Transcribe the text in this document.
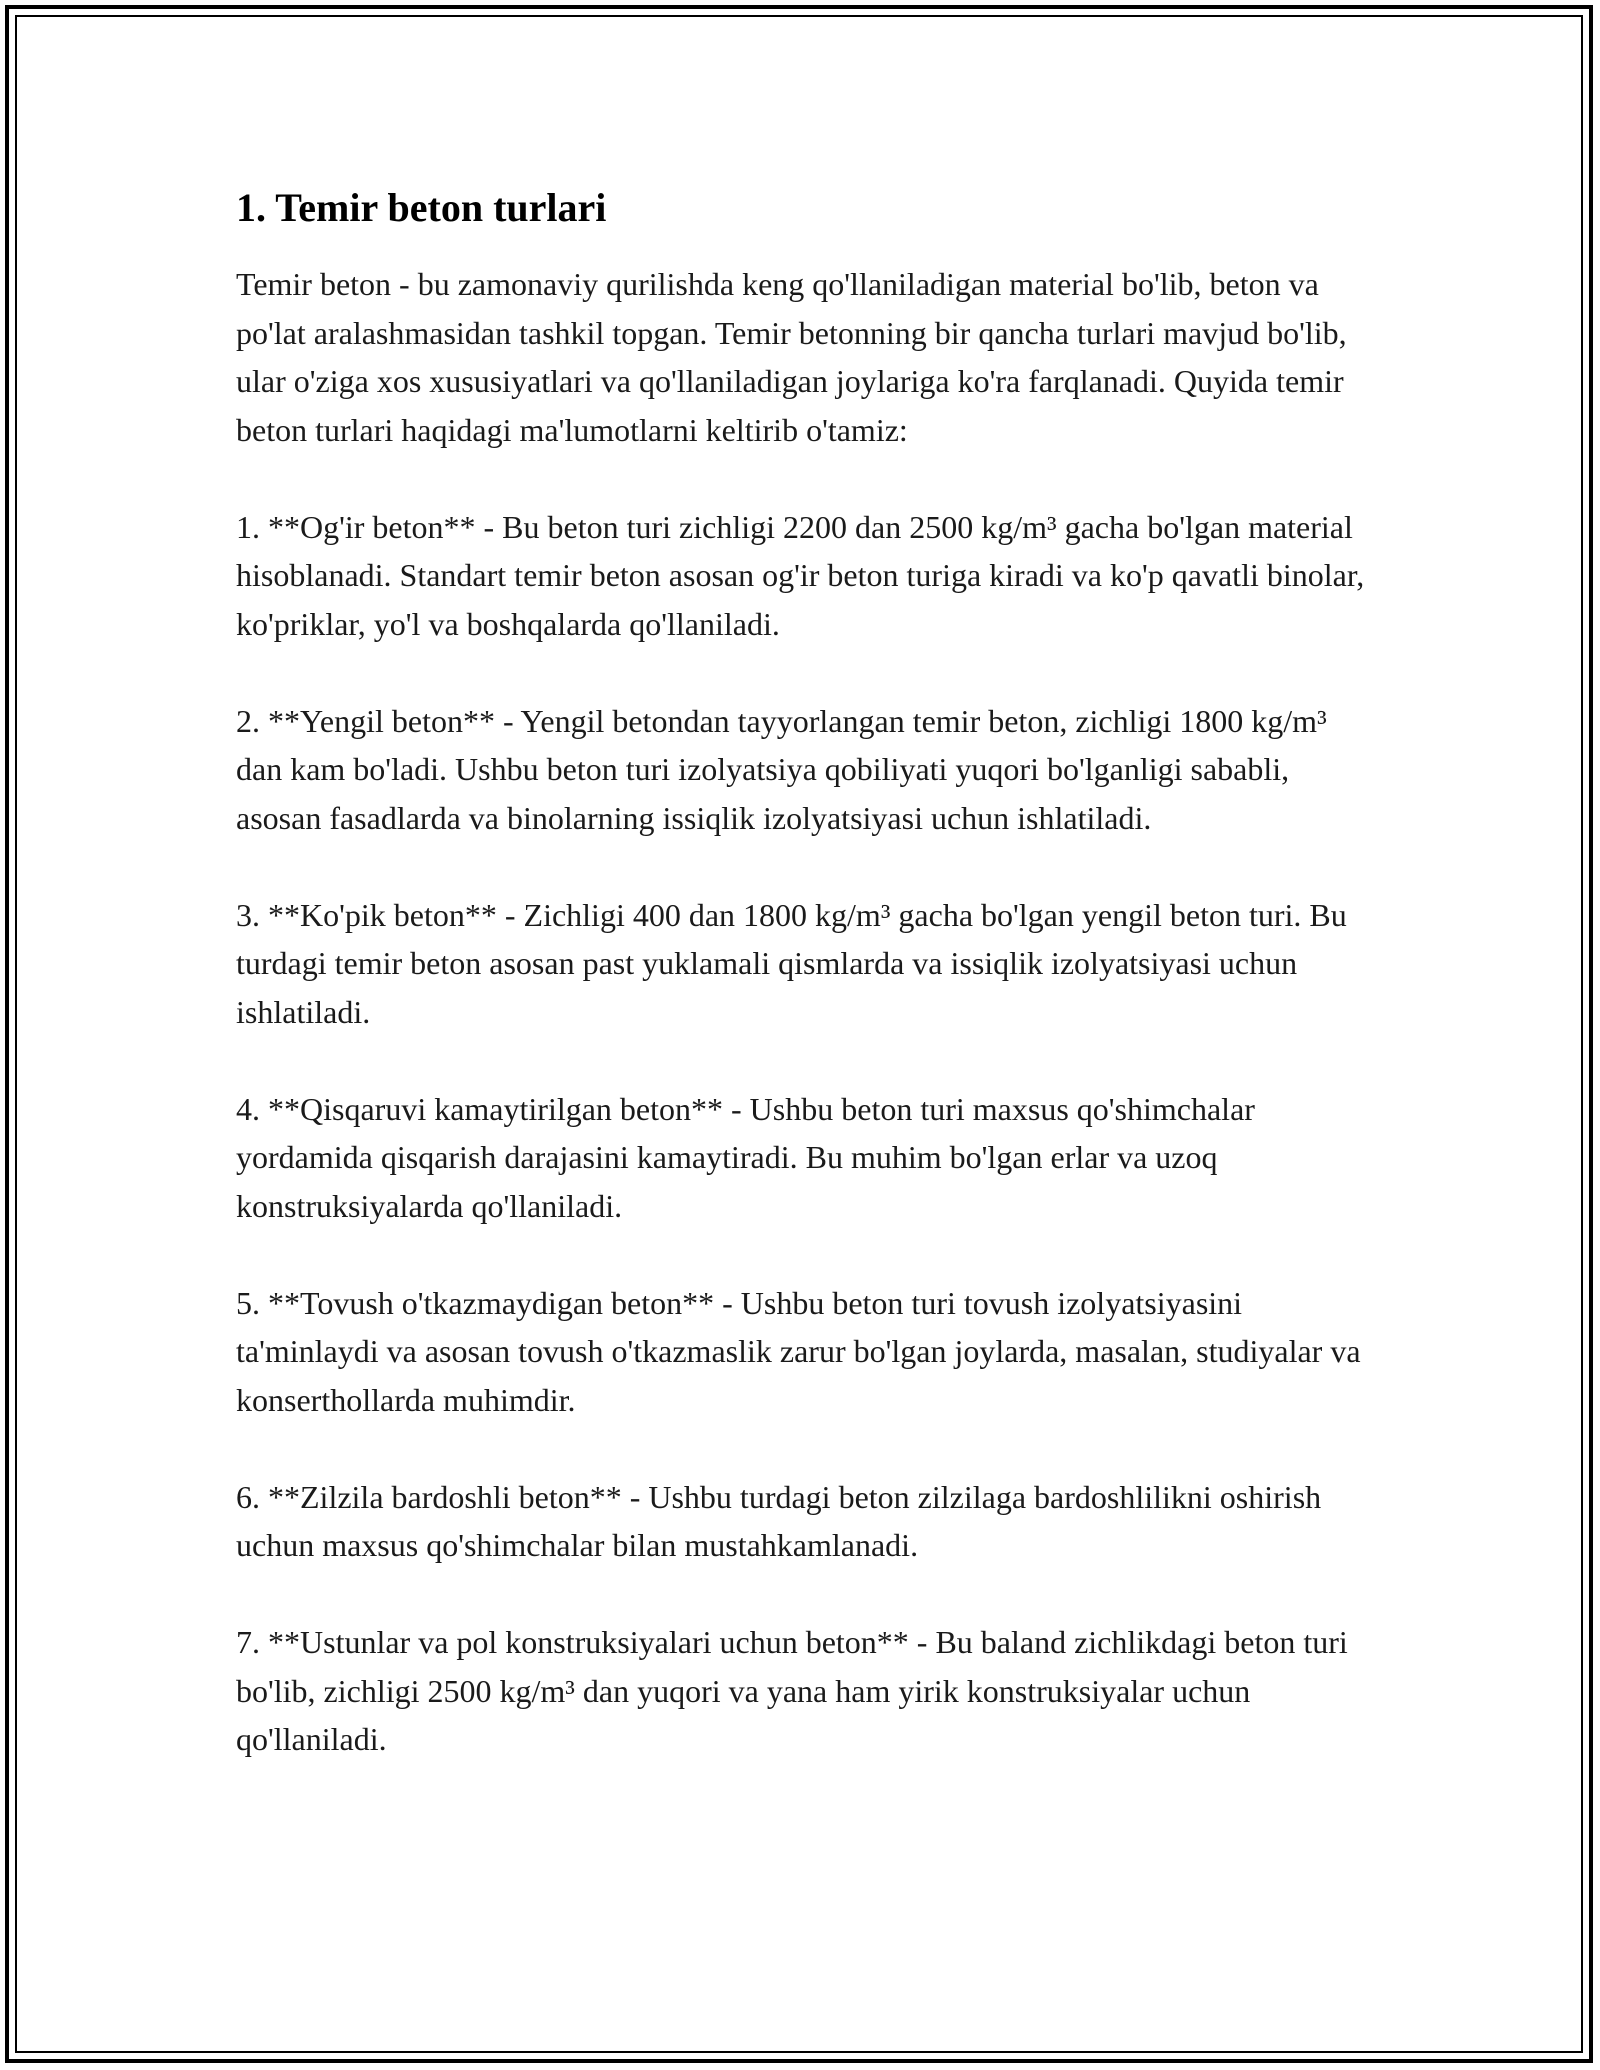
1. Temir beton turlari

Temir beton - bu zamonaviy qurilishda keng qo'llaniladigan material bo'lib, beton va po'lat aralashmasidan tashkil topgan. Temir betonning bir qancha turlari mavjud bo'lib, ular o'ziga xos xususiyatlari va qo'llaniladigan joylariga ko'ra farqlanadi. Quyida temir beton turlari haqidagi ma'lumotlarni keltirib o'tamiz:

1. **Og'ir beton** - Bu beton turi zichligi 2200 dan 2500 kg/m³ gacha bo'lgan material hisoblanadi. Standart temir beton asosan og'ir beton turiga kiradi va ko'p qavatli binolar, ko'priklar, yo'l va boshqalarda qo'llaniladi.

2. **Yengil beton** - Yengil betondan tayyorlangan temir beton, zichligi 1800 kg/m³ dan kam bo'ladi. Ushbu beton turi izolyatsiya qobiliyati yuqori bo'lganligi sababli, asosan fasadlarda va binolarning issiqlik izolyatsiyasi uchun ishlatiladi.

3. **Ko'pik beton** - Zichligi 400 dan 1800 kg/m³ gacha bo'lgan yengil beton turi. Bu turdagi temir beton asosan past yuklamali qismlarda va issiqlik izolyatsiyasi uchun ishlatiladi.

4. **Qisqaruvi kamaytirilgan beton** - Ushbu beton turi maxsus qo'shimchalar yordamida qisqarish darajasini kamaytiradi. Bu muhim bo'lgan erlar va uzoq konstruksiyalarda qo'llaniladi.

5. **Tovush o'tkazmaydigan beton** - Ushbu beton turi tovush izolyatsiyasini ta'minlaydi va asosan tovush o'tkazmaslik zarur bo'lgan joylarda, masalan, studiyalar va konserthollarda muhimdir.

6. **Zilzila bardoshli beton** - Ushbu turdagi beton zilzilaga bardoshlilikni oshirish uchun maxsus qo'shimchalar bilan mustahkamlanadi.

7. **Ustunlar va pol konstruksiyalari uchun beton** - Bu baland zichlikdagi beton turi bo'lib, zichligi 2500 kg/m³ dan yuqori va yana ham yirik konstruksiyalar uchun qo'llaniladi.
